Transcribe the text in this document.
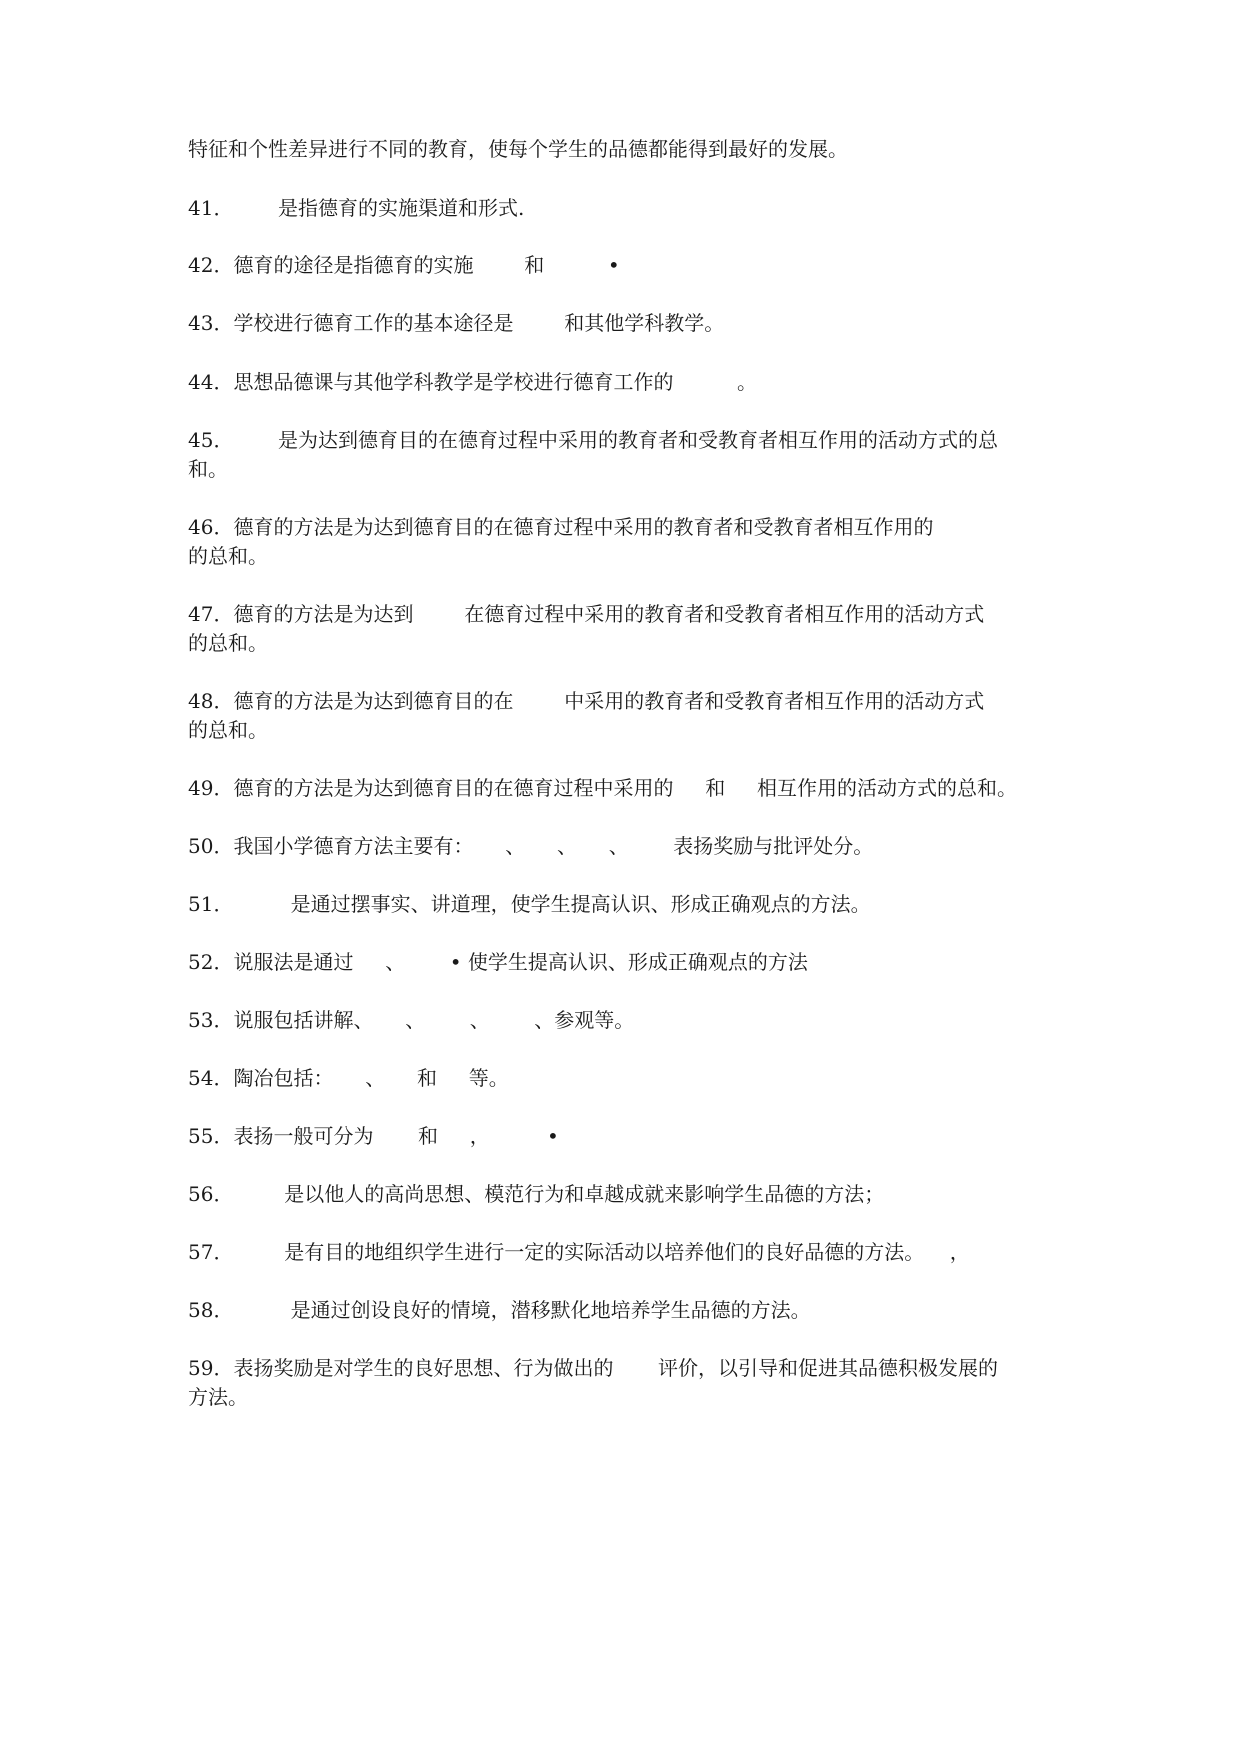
特征和个性差异进行不同的教育，使每个学生的品德都能得到最好的发展。

41．       是指德育的实施渠道和形式.

42．德育的途径是指德育的实施        和          •

43．学校进行德育工作的基本途径是        和其他学科教学。

44．思想品德课与其他学科教学是学校进行德育工作的          。

45．       是为达到德育目的在德育过程中采用的教育者和受教育者相互作用的活动方式的总

和。

46．德育的方法是为达到德育目的在德育过程中采用的教育者和受教育者相互作用的

的总和。

47．德育的方法是为达到        在德育过程中采用的教育者和受教育者相互作用的活动方式

的总和。

48．德育的方法是为达到德育目的在        中采用的教育者和受教育者相互作用的活动方式

的总和。

49．德育的方法是为达到德育目的在德育过程中采用的     和     相互作用的活动方式的总和。

50．我国小学德育方法主要有：     、     、     、       表扬奖励与批评处分。

51．         是通过摆事实、讲道理，使学生提高认识、形成正确观点的方法。

52．说服法是通过     、       • 使学生提高认识、形成正确观点的方法

53．说服包括讲解、     、       、       、参观等。

54．陶冶包括：     、     和     等。

55．表扬一般可分为       和     ，         •

56．        是以他人的高尚思想、模范行为和卓越成就来影响学生品德的方法；

57．        是有目的地组织学生进行一定的实际活动以培养他们的良好品德的方法。    ，

58．         是通过创设良好的情境，潜移默化地培养学生品德的方法。

59．表扬奖励是对学生的良好思想、行为做出的       评价，以引导和促进其品德积极发展的

方法。
